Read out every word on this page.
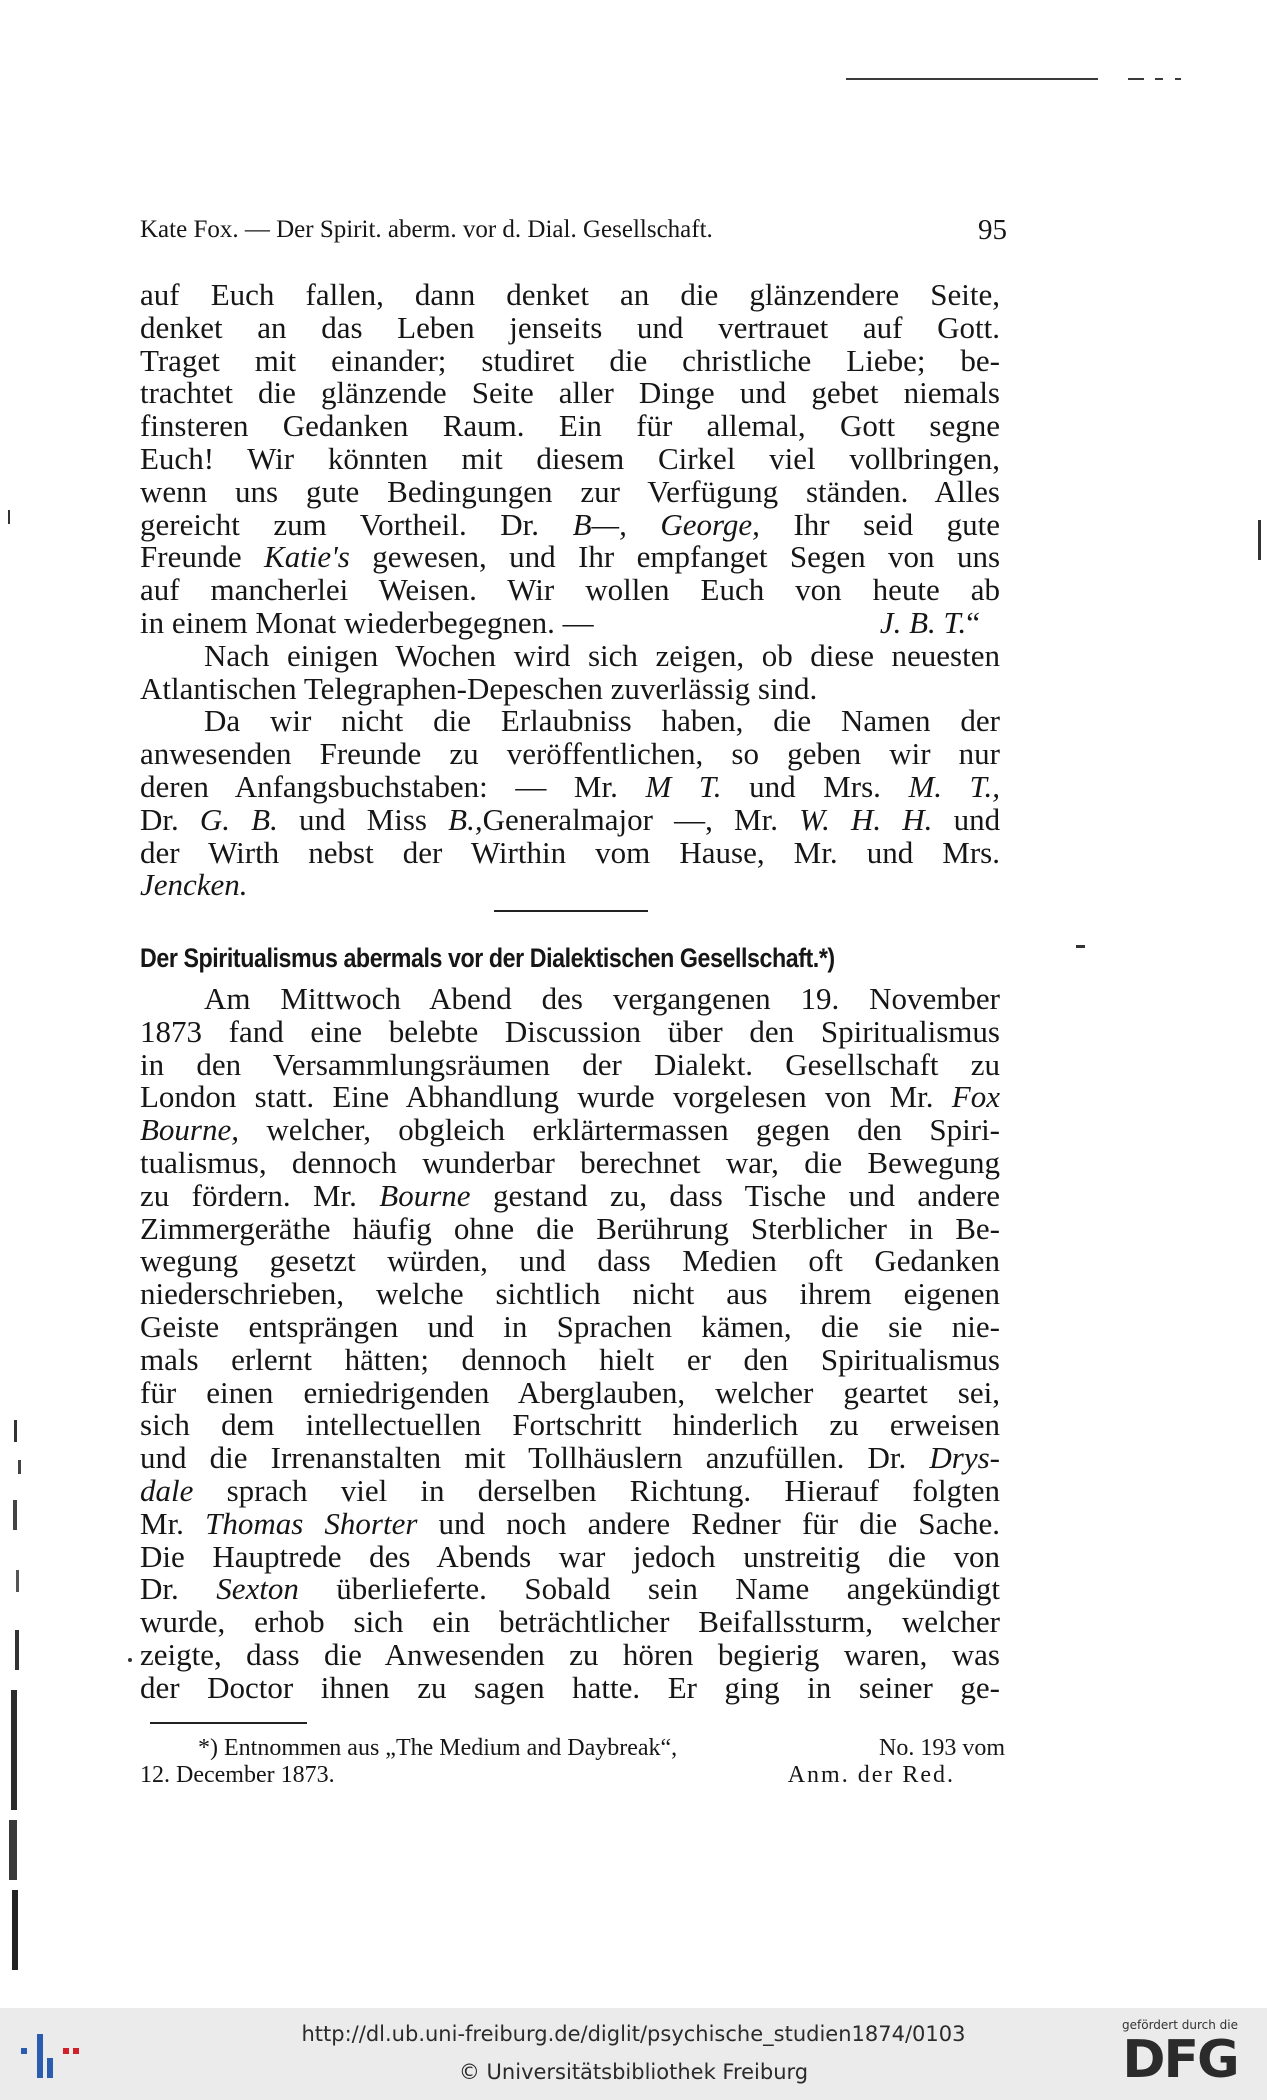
Kate Fox. — Der Spirit. aberm. vor d. Dial. Gesellschaft.	95
auf Euch fallen, dann denket an die glänzendere Seite,
denket an das Leben jenseits und vertrauet auf Gott.
Traget mit einander; studiret die christliche Liebe; be-
trachtet die glänzende Seite aller Dinge und gebet niemals
finsteren Gedanken Raum. Ein für allemal, Gott segne
Euch! Wir könnten mit diesem Cirkel viel vollbringen,
wenn uns gute Bedingungen zur Verfügung ständen. Alles
gereicht zum Vortheil. Dr. B—, George, Ihr seid gute
Freunde Katie's gewesen, und Ihr empfanget Segen von uns
auf mancherlei Weisen. Wir wollen Euch von heute ab
in einem Monat wiederbegegnen. —	J. B. T.“
Nach einigen Wochen wird sich zeigen, ob diese neuesten
Atlantischen Telegraphen-Depeschen zuverlässig sind.
Da wir nicht die Erlaubniss haben, die Namen der
anwesenden Freunde zu veröffentlichen, so geben wir nur
deren Anfangsbuchstaben: — Mr. M T. und Mrs. M. T.,
Dr. G. B. und Miss B.,Generalmajor —, Mr. W. H. H. und
der Wirth nebst der Wirthin vom Hause, Mr. und Mrs.
Jencken.
Der Spiritualismus abermals vor der Dialektischen Gesellschaft.*)
Am Mittwoch Abend des vergangenen 19. November
1873 fand eine belebte Discussion über den Spiritualismus
in den Versammlungsräumen der Dialekt. Gesellschaft zu
London statt. Eine Abhandlung wurde vorgelesen von Mr. Fox
Bourne, welcher, obgleich erklärtermassen gegen den Spiri-
tualismus, dennoch wunderbar berechnet war, die Bewegung
zu fördern. Mr. Bourne gestand zu, dass Tische und andere
Zimmergeräthe häufig ohne die Berührung Sterblicher in Be-
wegung gesetzt würden, und dass Medien oft Gedanken
niederschrieben, welche sichtlich nicht aus ihrem eigenen
Geiste entsprängen und in Sprachen kämen, die sie nie-
mals erlernt hätten; dennoch hielt er den Spiritualismus
für einen erniedrigenden Aberglauben, welcher geartet sei,
sich dem intellectuellen Fortschritt hinderlich zu erweisen
und die Irrenanstalten mit Tollhäuslern anzufüllen. Dr. Drys-
dale sprach viel in derselben Richtung. Hierauf folgten
Mr. Thomas Shorter und noch andere Redner für die Sache.
Die Hauptrede des Abends war jedoch unstreitig die von
Dr. Sexton überlieferte. Sobald sein Name angekündigt
wurde, erhob sich ein beträchtlicher Beifallssturm, welcher
zeigte, dass die Anwesenden zu hören begierig waren, was
der Doctor ihnen zu sagen hatte. Er ging in seiner ge-
*) Entnommen aus „The Medium and Daybreak“,	No. 193 vom
12. December 1873.	Anm. der Red.
http://dl.ub.uni-freiburg.de/diglit/psychische_studien1874/0103
© Universitätsbibliothek Freiburg
gefördert durch die
DFG
